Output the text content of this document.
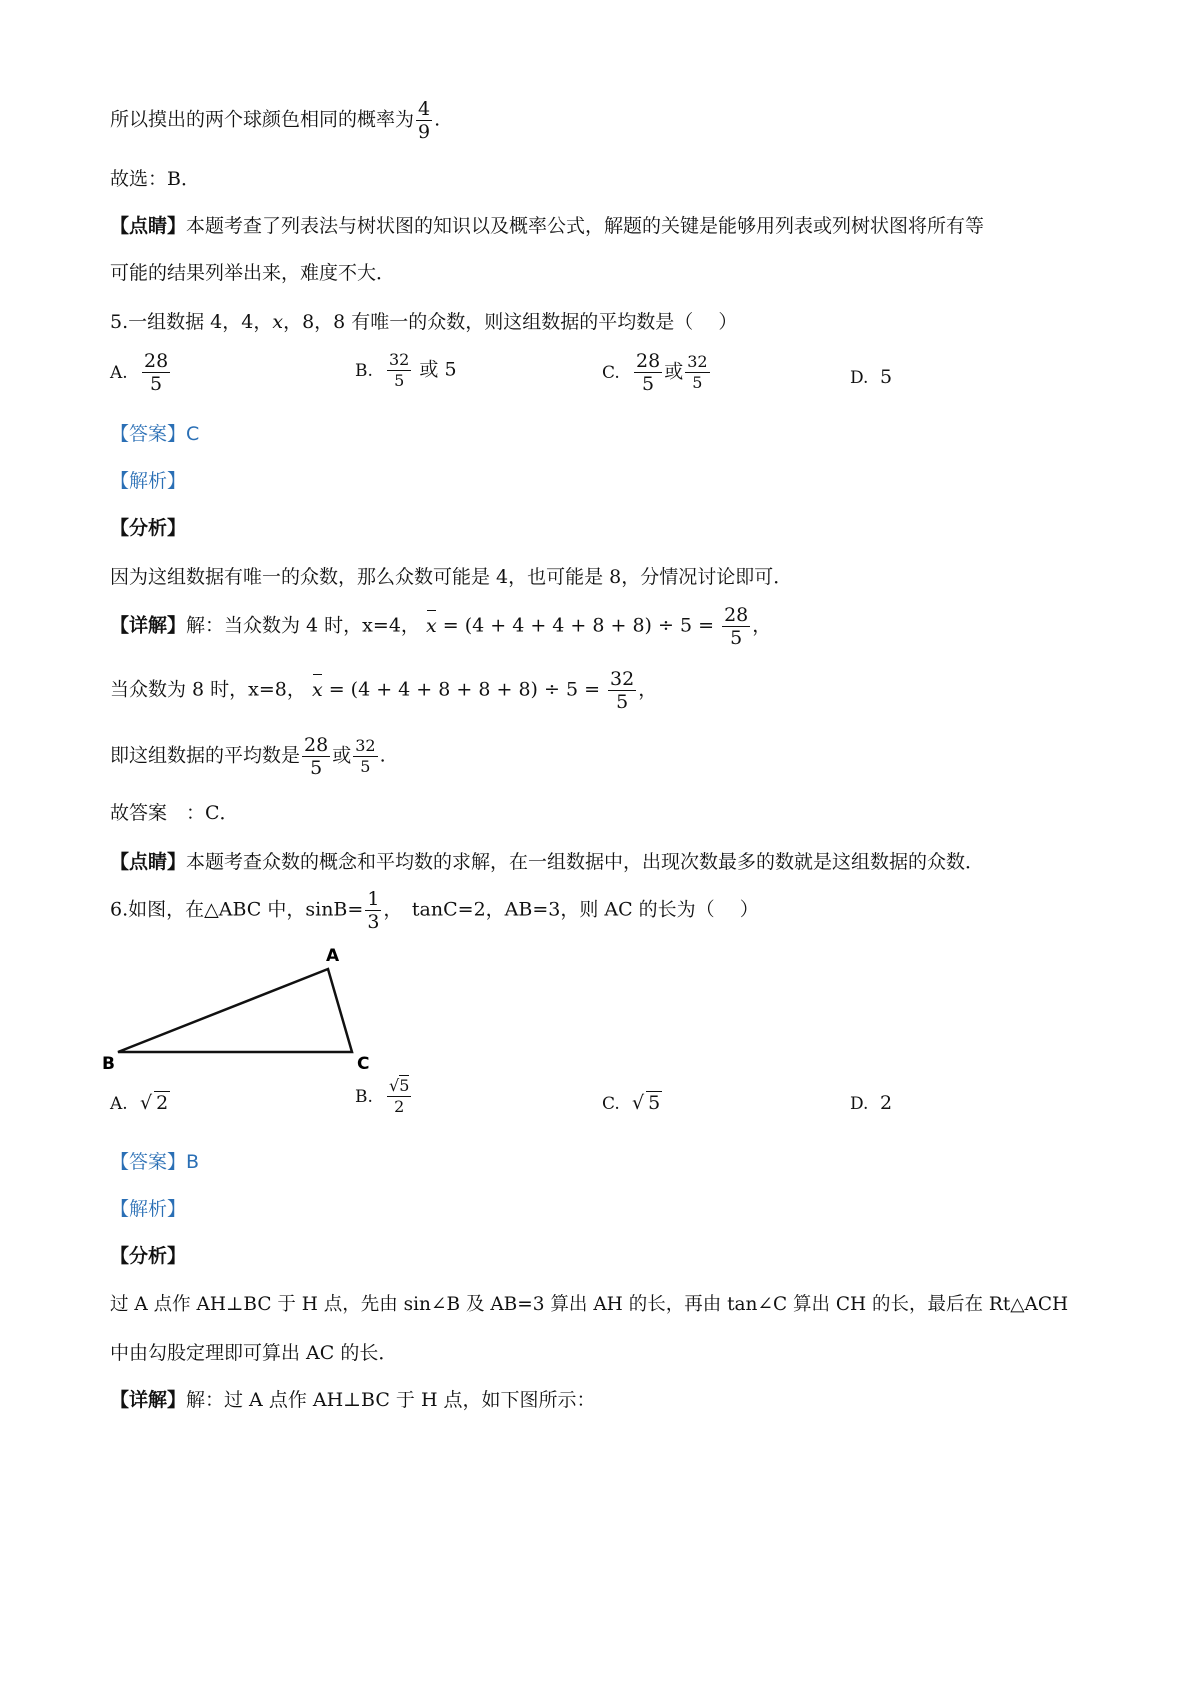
所以摸出的两个球颜色相同的概率为 $\frac{4}{9}$ .
故选：B．
【点睛】本题考查了列表法与树状图的知识以及概率公式，解题的关键是能够用列表或列树状图将所有等
可能的结果列举出来，难度不大．
5.一组数据 4，4，x，8，8 有唯一的众数，则这组数据的平均数是（　 ）
A. $\frac{28}{5}$	B. $\frac{32}{5}$ 或 5	C. $\frac{28}{5}$ 或 $\frac{32}{5}$	D. 5
【答案】C
【解析】
【分析】
因为这组数据有唯一的众数，那么众数可能是 4，也可能是 8，分情况讨论即可．
【详解】解：当众数为 4 时，x=4， $x = (4 + 4 + 4 + 8 + 8) \div 5 = \frac{28}{5}$ ，
当众数为 8 时，x=8， $x = (4 + 4 + 8 + 8 + 8) \div 5 = \frac{32}{5}$ ，
即这组数据的平均数是 $\frac{28}{5}$ 或 $\frac{32}{5}$ .
故答案　：C．
【点睛】本题考查众数的概念和平均数的求解，在一组数据中，出现次数最多的数就是这组数据的众数．
6.如图，在△ABC 中，$\sin B= \frac{1}{3}$ ，　tanC=2，AB=3，则 AC 的长为（　 ）
A
B	C
A. √ 2	B. $\frac{√5}{2}$	C. √ 5	D. 2
【答案】B
【解析】
【分析】
过 A 点作 AH⊥BC 于 H 点，先由 sin∠B 及 AB=3 算出 AH 的长，再由 tan∠C 算出 CH 的长，最后在 Rt△ACH
中由勾股定理即可算出 AC 的长．
【详解】解：过 A 点作 AH⊥BC 于 H 点，如下图所示：
